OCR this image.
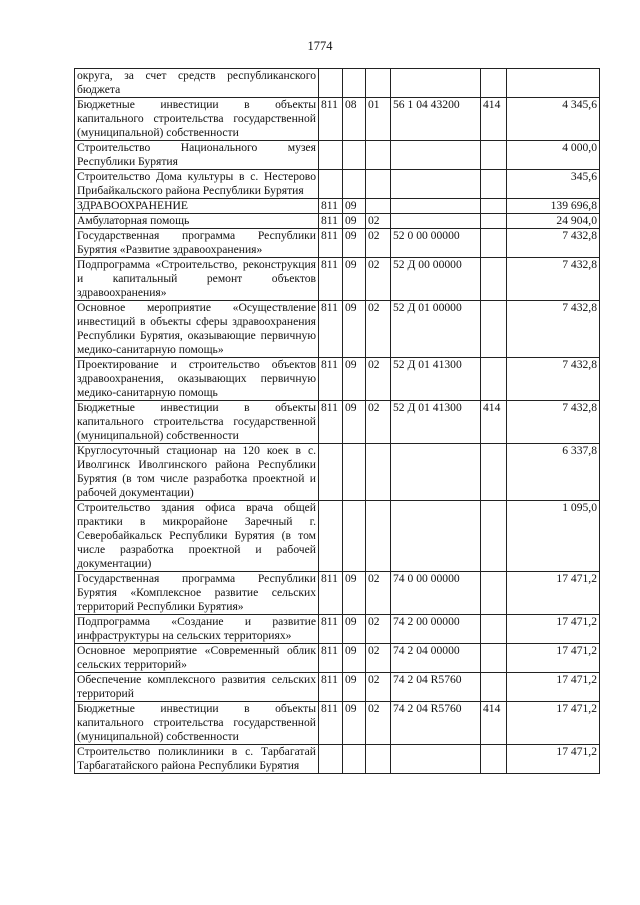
1774
округа, за счет средств республиканского бюджета						
Бюджетные инвестиции в объекты капитального строительства государственной (муниципальной) собственности	811	08	01	56 1 04 43200	414	4 345,6
Строительство Национального музея Республики Бурятия						4 000,0
Строительство Дома культуры в с. Нестерово Прибайкальского района Республики Бурятия						345,6
ЗДРАВООХРАНЕНИЕ	811	09				139 696,8
Амбулаторная помощь	811	09	02			24 904,0
Государственная программа Республики Бурятия «Развитие здравоохранения»	811	09	02	52 0 00 00000		7 432,8
Подпрограмма «Строительство, реконструкция и капитальный ремонт объектов здравоохранения»	811	09	02	52 Д 00 00000		7 432,8
Основное мероприятие «Осуществление инвестиций в объекты сферы здравоохранения Республики Бурятия, оказывающие первичную медико-санитарную помощь»	811	09	02	52 Д 01 00000		7 432,8
Проектирование и строительство объектов здравоохранения, оказывающих первичную медико-санитарную помощь	811	09	02	52 Д 01 41300		7 432,8
Бюджетные инвестиции в объекты капитального строительства государственной (муниципальной) собственности	811	09	02	52 Д 01 41300	414	7 432,8
Круглосуточный стационар на 120 коек в с. Иволгинск Иволгинского района Республики Бурятия (в том числе разработка проектной и рабочей документации)						6 337,8
Строительство здания офиса врача общей практики в микрорайоне Заречный г. Северобайкальск Республики Бурятия (в том числе разработка проектной и рабочей документации)						1 095,0
Государственная программа Республики Бурятия «Комплексное развитие сельских территорий Республики Бурятия»	811	09	02	74 0 00 00000		17 471,2
Подпрограмма «Создание и развитие инфраструктуры на сельских территориях»	811	09	02	74 2 00 00000		17 471,2
Основное мероприятие «Современный облик сельских территорий»	811	09	02	74 2 04 00000		17 471,2
Обеспечение комплексного развития сельских территорий	811	09	02	74 2 04 R5760		17 471,2
Бюджетные инвестиции в объекты капитального строительства государственной (муниципальной) собственности	811	09	02	74 2 04 R5760	414	17 471,2
Строительство поликлиники в с. Тарбагатай Тарбагатайского района Республики Бурятия						17 471,2
